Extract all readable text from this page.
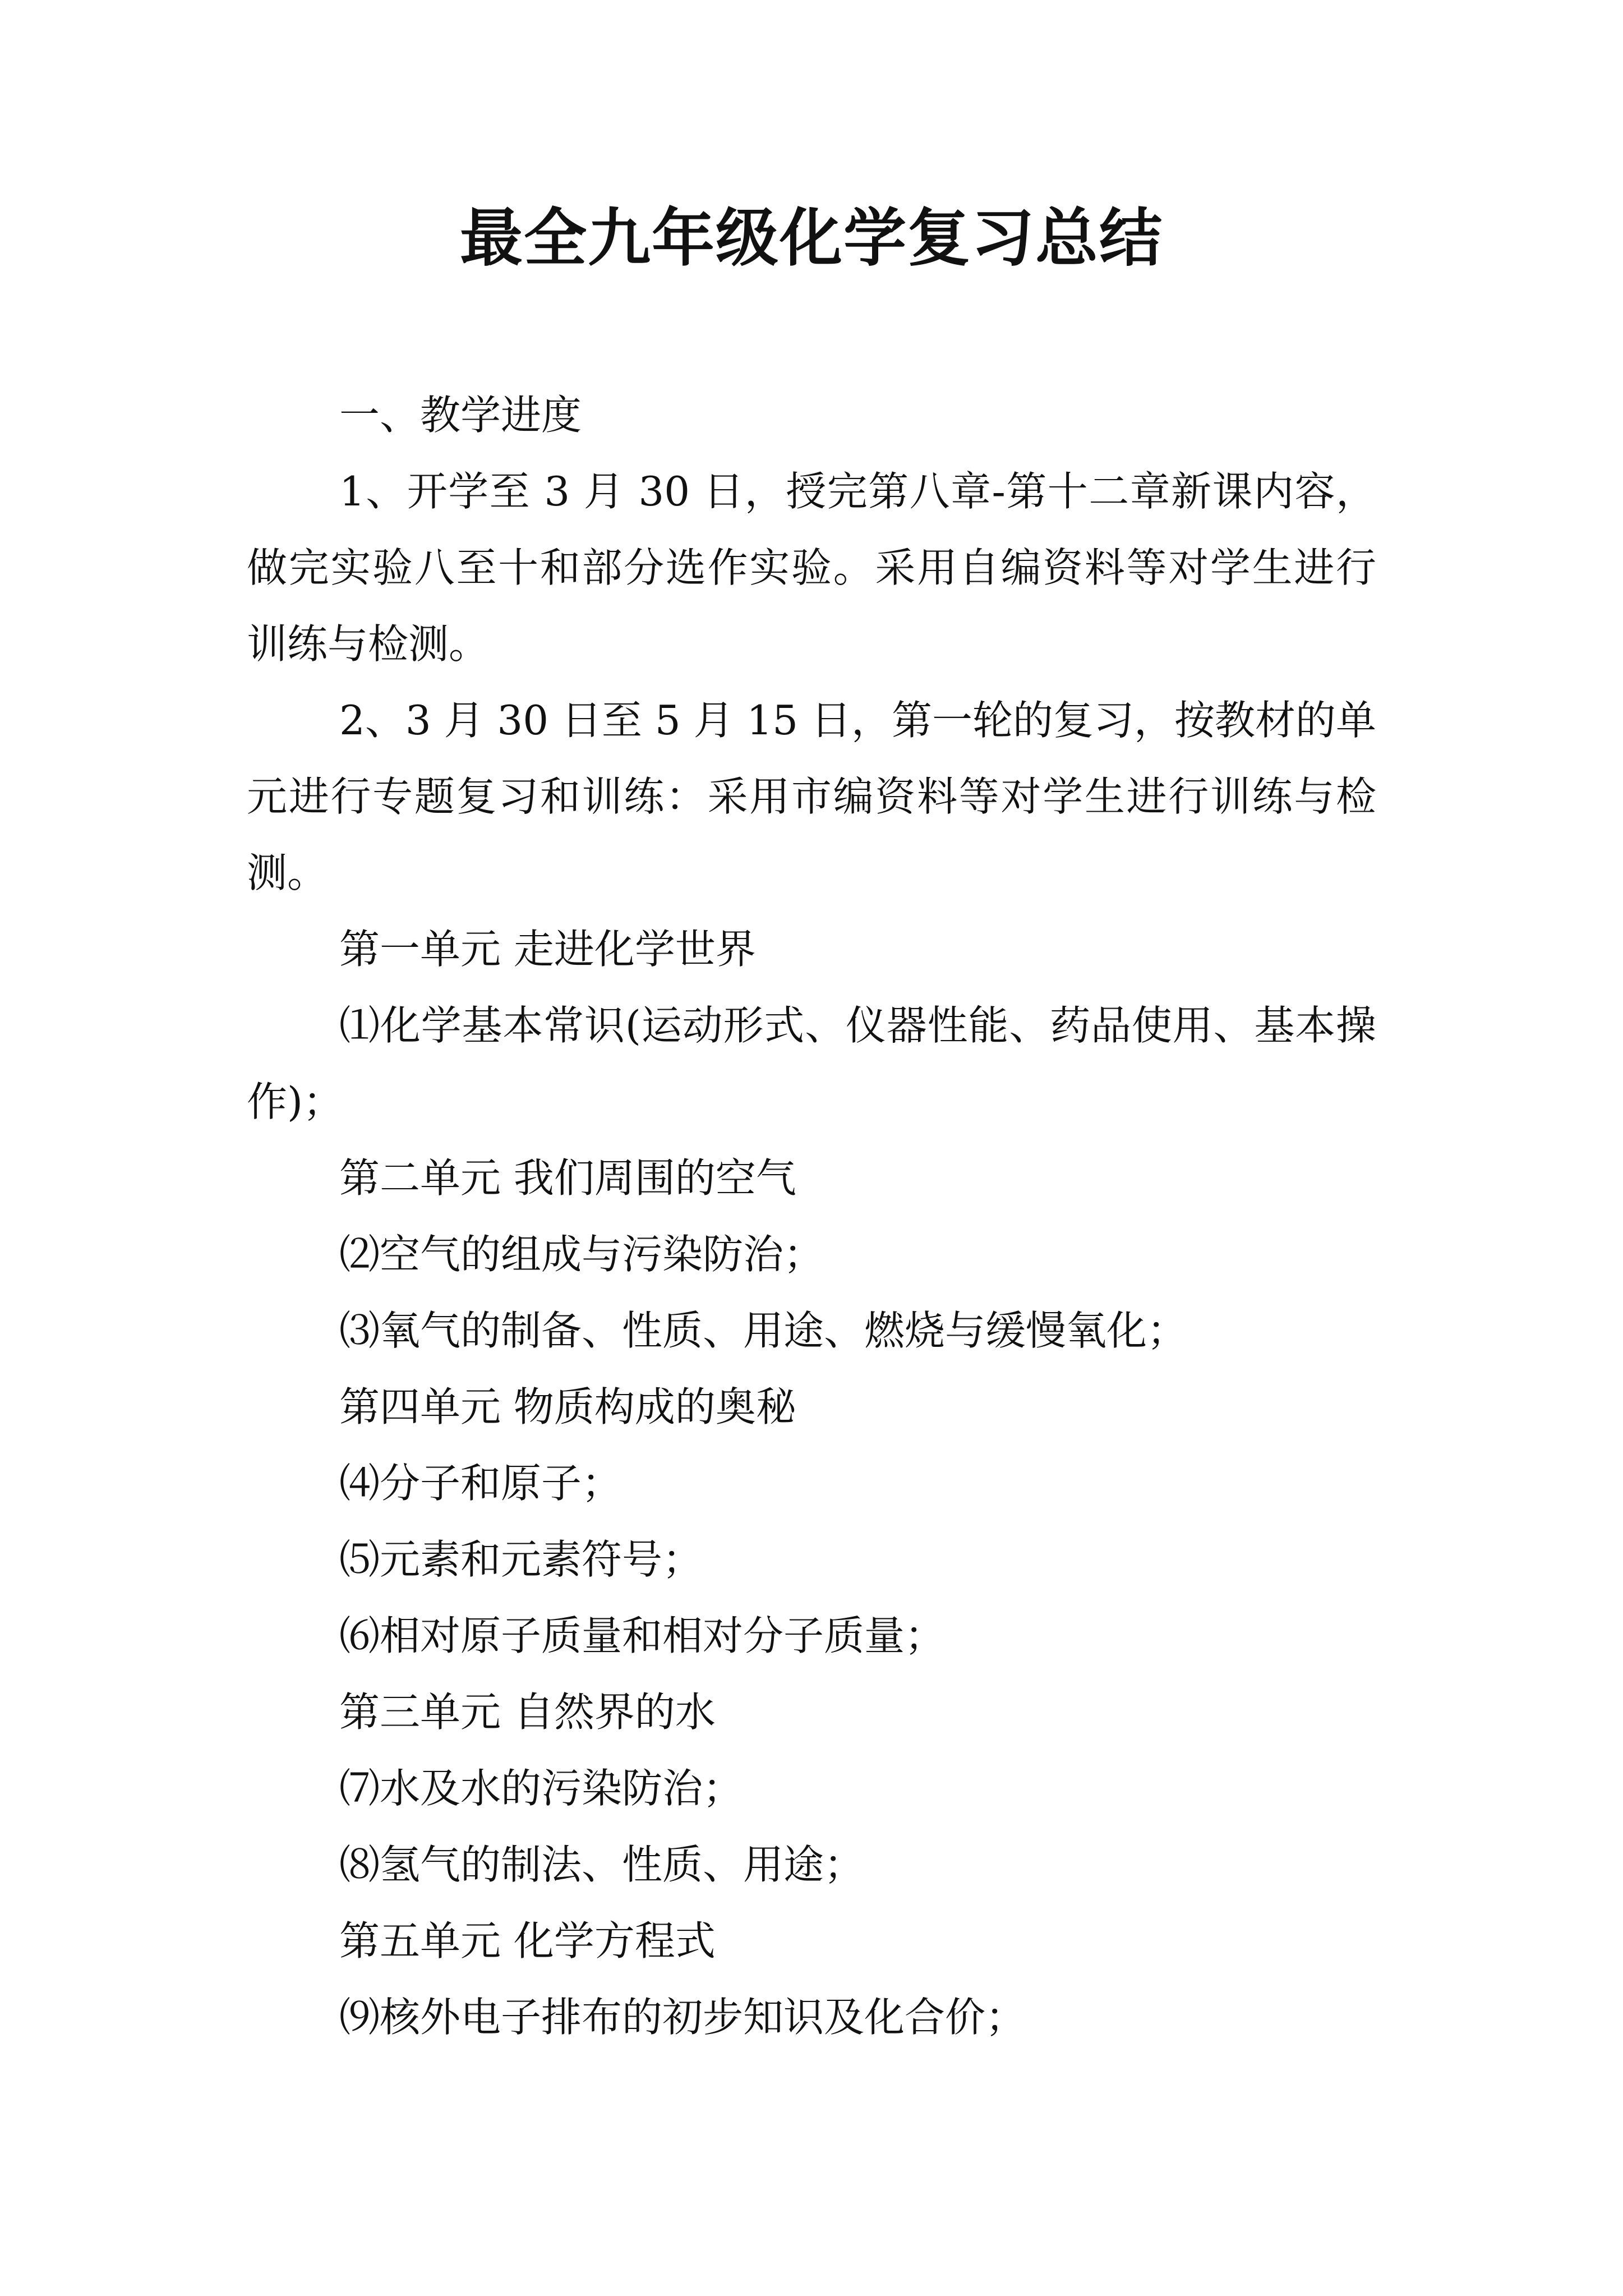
最全九年级化学复习总结

一、教学进度

1、开学至 3 月 30 日，授完第八章-第十二章新课内容，做完实验八至十和部分选作实验。采用自编资料等对学生进行训练与检测。

2、3 月 30 日至 5 月 15 日，第一轮的复习，按教材的单元进行专题复习和训练：采用市编资料等对学生进行训练与检测。

第一单元 走进化学世界

⑴化学基本常识(运动形式、仪器性能、药品使用、基本操作)；

第二单元 我们周围的空气

⑵空气的组成与污染防治；

⑶氧气的制备、性质、用途、燃烧与缓慢氧化；

第四单元 物质构成的奥秘

⑷分子和原子；

⑸元素和元素符号；

⑹相对原子质量和相对分子质量；

第三单元 自然界的水

⑺水及水的污染防治；

⑻氢气的制法、性质、用途；

第五单元 化学方程式

⑼核外电子排布的初步知识及化合价；
